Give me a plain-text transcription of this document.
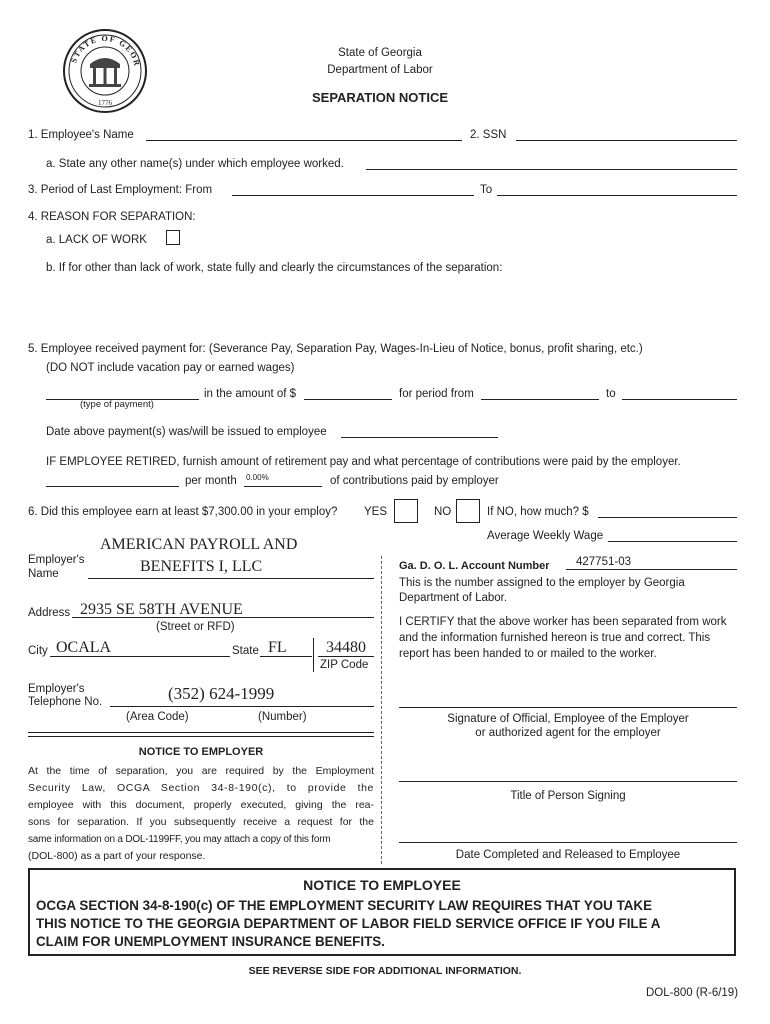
STATE OF GEOR
1776
State of Georgia
Department of Labor
SEPARATION NOTICE
1. Employee's Name	2. SSN
a. State any other name(s) under which employee worked.
3. Period of Last Employment: From	To
4. REASON FOR SEPARATION:
a. LACK OF WORK
b. If for other than lack of work, state fully and clearly the circumstances of the separation:
5. Employee received payment for: (Severance Pay, Separation Pay, Wages-In-Lieu of Notice, bonus, profit sharing, etc.)
(DO NOT include vacation pay or earned wages)
in the amount of $	for period from	to
(type of payment)
Date above payment(s) was/will be issued to employee
IF EMPLOYEE RETIRED, furnish amount of retirement pay and what percentage of contributions were paid by the employer.
per month 0.00%	of contributions paid by employer
6. Did this employee earn at least $7,300.00 in your employ? YES	NO	If NO, how much? $
Average Weekly Wage
Employer's
Name
AMERICAN PAYROLL AND
BENEFITS I, LLC
Address 2935 SE 58TH AVENUE
(Street or RFD)
City OCALA	State FL 34480
ZIP Code
Employer's
Telephone No.	(352) 624-1999
(Area Code)	(Number)
NOTICE TO EMPLOYER
At the time of separation, you are required by the Employment
Security Law, OCGA Section 34-8-190(c), to provide the
employee with this document, properly executed, giving the rea-
sons for separation. If you subsequently receive a request for the
same information on a DOL-1199FF, you may attach a copy of this form
(DOL-800) as a part of your response.
Ga. D. O. L. Account Number 427751-03
This is the number assigned to the employer by Georgia
Department of Labor.
I CERTIFY that the above worker has been separated from work
and the information furnished hereon is true and correct. This
report has been handed to or mailed to the worker.
Signature of Official, Employee of the Employer
or authorized agent for the employer
Title of Person Signing
Date Completed and Released to Employee
NOTICE TO EMPLOYEE
OCGA SECTION 34-8-190(c) OF THE EMPLOYMENT SECURITY LAW REQUIRES THAT YOU TAKE
THIS NOTICE TO THE GEORGIA DEPARTMENT OF LABOR FIELD SERVICE OFFICE IF YOU FILE A
CLAIM FOR UNEMPLOYMENT INSURANCE BENEFITS.
SEE REVERSE SIDE FOR ADDITIONAL INFORMATION.
DOL-800 (R-6/19)
